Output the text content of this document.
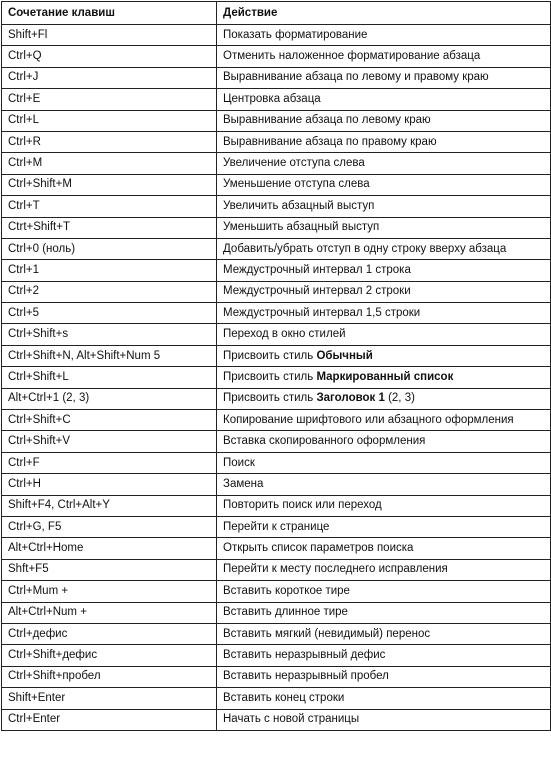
Сочетание клавиш	Действие
Shift+Fl	Показать форматирование
Ctrl+Q	Отменить наложенное форматирование абзаца
Ctrl+J	Выравнивание абзаца по левому и правому краю
Ctrl+E	Центровка абзаца
Ctrl+L	Выравнивание абзаца по левому краю
Ctrl+R	Выравнивание абзаца по правому краю
Ctrl+M	Увеличение отступа слева
Ctrl+Shift+M	Уменьшение отступа слева
Ctrl+T	Увеличить абзацный выступ
Ctrt+Shift+T	Уменьшить абзацный выступ
Ctrl+0 (ноль)	Добавить/убрать отступ в одну строку вверху абзаца
Ctrl+1	Междустрочный интервал 1 строка
Ctrl+2	Междустрочный интервал 2 строки
Ctrl+5	Междустрочный интервал 1,5 строки
Ctrl+Shift+s	Переход в окно стилей
Ctrl+Shift+N, Alt+Shift+Num 5	Присвоить стиль Обычный
Ctrl+Shift+L	Присвоить стиль Маркированный список
Alt+Ctrl+1 (2, 3)	Присвоить стиль Заголовок 1 (2, 3)
Ctrl+Shift+C	Копирование шрифтового или абзацного оформления
Ctrl+Shift+V	Вставка скопированного оформления
Ctrl+F	Поиск
Ctrl+H	Замена
Shift+F4, Ctrl+Alt+Y	Повторить поиск или переход
Ctrl+G, F5	Перейти к странице
Alt+Ctrl+Home	Открыть список параметров поиска
Shft+F5	Перейти к месту последнего исправления
Ctrl+Mum +	Вставить короткое тире
Alt+Ctrl+Num +	Вставить длинное тире
Ctrl+дефис	Вставить мягкий (невидимый) перенос
Ctrl+Shift+дефис	Вставить неразрывный дефис
Ctrl+Shift+пробел	Вставить неразрывный пробел
Shift+Enter	Вставить конец строки
Ctrl+Enter	Начать с новой страницы
